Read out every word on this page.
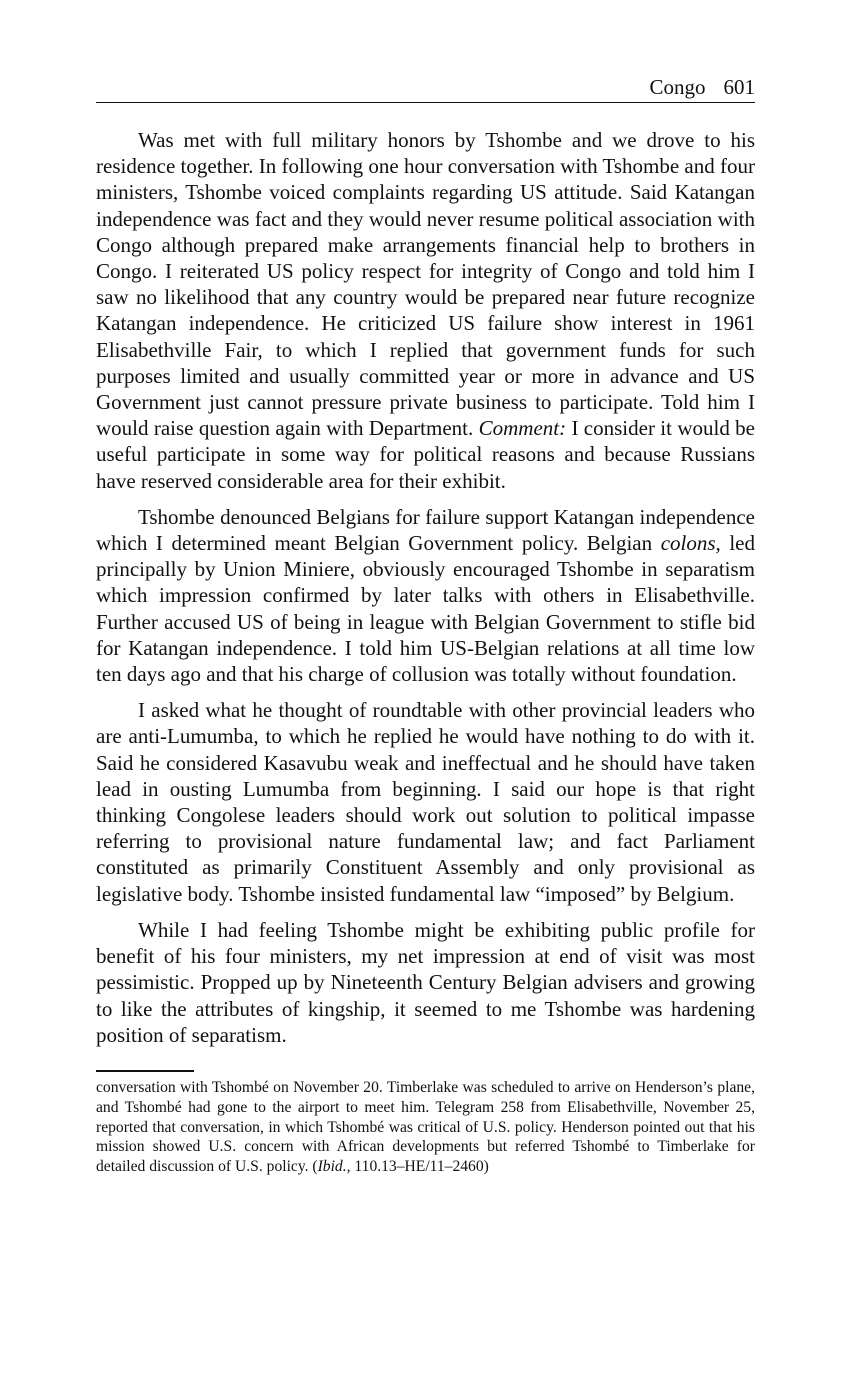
Congo 601

Was met with full military honors by Tshombe and we drove to his residence together. In following one hour conversation with Tshombe and four ministers, Tshombe voiced complaints regarding US attitude. Said Katangan independence was fact and they would never resume political association with Congo although prepared make arrangements financial help to brothers in Congo. I reiterated US policy respect for integrity of Congo and told him I saw no likelihood that any country would be prepared near future recognize Katangan independence. He criticized US failure show interest in 1961 Elisabethville Fair, to which I replied that government funds for such purposes limited and usually committed year or more in advance and US Government just cannot pressure private business to participate. Told him I would raise question again with Department. Comment: I consider it would be useful participate in some way for political reasons and because Russians have reserved considerable area for their exhibit.

Tshombe denounced Belgians for failure support Katangan independence which I determined meant Belgian Government policy. Belgian colons, led principally by Union Miniere, obviously encouraged Tshombe in separatism which impression confirmed by later talks with others in Elisabethville. Further accused US of being in league with Belgian Government to stifle bid for Katangan independence. I told him US-Belgian relations at all time low ten days ago and that his charge of collusion was totally without foundation.

I asked what he thought of roundtable with other provincial leaders who are anti-Lumumba, to which he replied he would have nothing to do with it. Said he considered Kasavubu weak and ineffectual and he should have taken lead in ousting Lumumba from beginning. I said our hope is that right thinking Congolese leaders should work out solution to political impasse referring to provisional nature fundamental law; and fact Parliament constituted as primarily Constituent Assembly and only provisional as legislative body. Tshombe insisted fundamental law “imposed” by Belgium.

While I had feeling Tshombe might be exhibiting public profile for benefit of his four ministers, my net impression at end of visit was most pessimistic. Propped up by Nineteenth Century Belgian advisers and growing to like the attributes of kingship, it seemed to me Tshombe was hardening position of separatism.

conversation with Tshombé on November 20. Timberlake was scheduled to arrive on Henderson’s plane, and Tshombé had gone to the airport to meet him. Telegram 258 from Elisabethville, November 25, reported that conversation, in which Tshombé was critical of U.S. policy. Henderson pointed out that his mission showed U.S. concern with African developments but referred Tshombé to Timberlake for detailed discussion of U.S. policy. (Ibid., 110.13–HE/11–2460)
